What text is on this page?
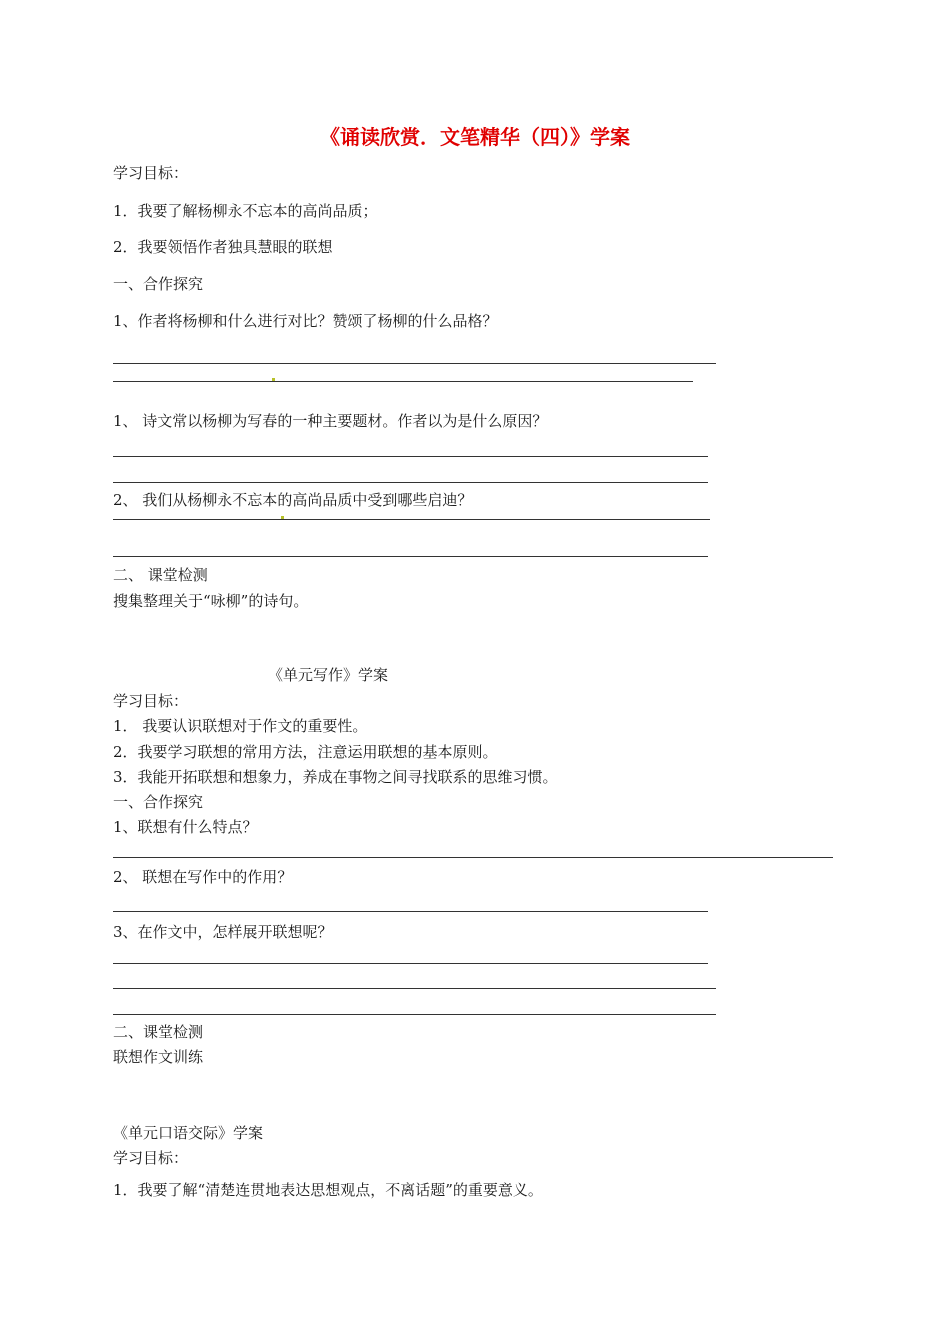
《诵读欣赏．文笔精华（四）》学案
学习目标：
1．我要了解杨柳永不忘本的高尚品质；
2．我要领悟作者独具慧眼的联想
一、合作探究
1、作者将杨柳和什么进行对比？赞颂了杨柳的什么品格？
1、 诗文常以杨柳为写春的一种主要题材。作者以为是什么原因？
2、 我们从杨柳永不忘本的高尚品质中受到哪些启迪？
二、 课堂检测
搜集整理关于“咏柳”的诗句。
《单元写作》学案
学习目标：
1． 我要认识联想对于作文的重要性。
2．我要学习联想的常用方法，注意运用联想的基本原则。
3．我能开拓联想和想象力，养成在事物之间寻找联系的思维习惯。
一、合作探究
1、联想有什么特点？
2、 联想在写作中的作用？
3、在作文中，怎样展开联想呢？
二、课堂检测
联想作文训练
《单元口语交际》学案
学习目标：
1．我要了解“清楚连贯地表达思想观点，不离话题”的重要意义。
